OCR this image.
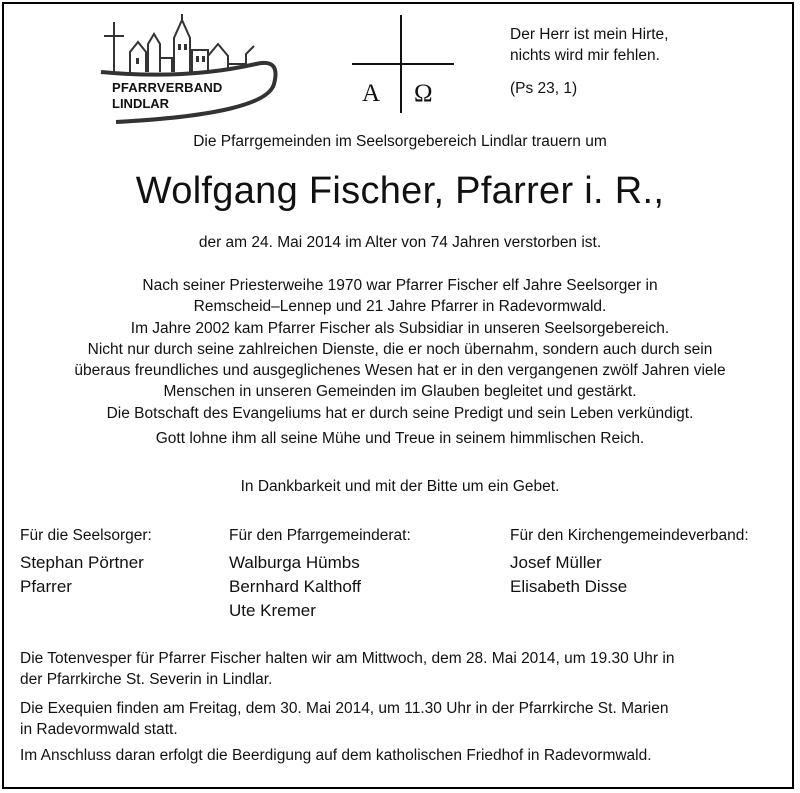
PFARRVERBAND
LINDLAR	A Ω
Der Herr ist mein Hirte,
nichts wird mir fehlen.
(Ps 23, 1)
Die Pfarrgemeinden im Seelsorgebereich Lindlar trauern um
Wolfgang Fischer, Pfarrer i. R.,
der am 24. Mai 2014 im Alter von 74 Jahren verstorben ist.
Nach seiner Priesterweihe 1970 war Pfarrer Fischer elf Jahre Seelsorger in
Remscheid–Lennep und 21 Jahre Pfarrer in Radevormwald.
Im Jahre 2002 kam Pfarrer Fischer als Subsidiar in unseren Seelsorgebereich.
Nicht nur durch seine zahlreichen Dienste, die er noch übernahm, sondern auch durch sein
überaus freundliches und ausgeglichenes Wesen hat er in den vergangenen zwölf Jahren viele
Menschen in unseren Gemeinden im Glauben begleitet und gestärkt.
Die Botschaft des Evangeliums hat er durch seine Predigt und sein Leben verkündigt.
Gott lohne ihm all seine Mühe und Treue in seinem himmlischen Reich.
In Dankbarkeit und mit der Bitte um ein Gebet.
Für die Seelsorger:
Stephan Pörtner
Pfarrer
Für den Pfarrgemeinderat:
Walburga Hümbs
Bernhard Kalthoff
Ute Kremer
Für den Kirchengemeindeverband:
Josef Müller
Elisabeth Disse
Die Totenvesper für Pfarrer Fischer halten wir am Mittwoch, dem 28. Mai 2014, um 19.30 Uhr in
der Pfarrkirche St. Severin in Lindlar.
Die Exequien finden am Freitag, dem 30. Mai 2014, um 11.30 Uhr in der Pfarrkirche St. Marien
in Radevormwald statt.
Im Anschluss daran erfolgt die Beerdigung auf dem katholischen Friedhof in Radevormwald.
